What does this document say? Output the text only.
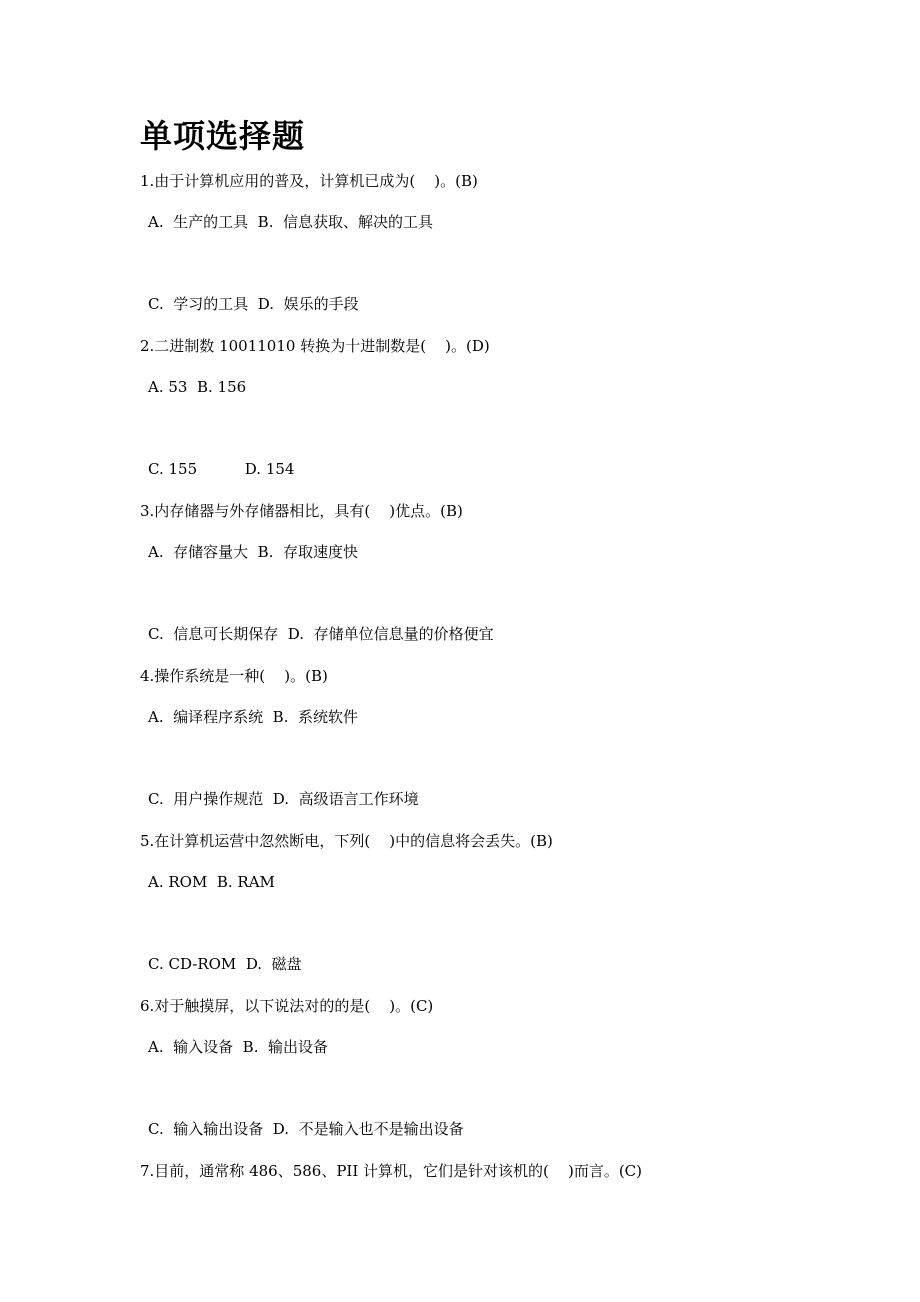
单项选择题

1.由于计算机应用的普及，计算机已成为(    )。(B)

A.  生产的工具  B.  信息获取、解决的工具

C.  学习的工具  D.  娱乐的手段

2.二进制数 10011010 转换为十进制数是(    )。(D)

A. 53  B. 156

C. 155          D. 154

3.内存储器与外存储器相比，具有(    )优点。(B)

A.  存储容量大  B.  存取速度快

C.  信息可长期保存  D.  存储单位信息量的价格便宜

4.操作系统是一种(    )。(B)

A.  编译程序系统  B.  系统软件

C.  用户操作规范  D.  高级语言工作环境

5.在计算机运营中忽然断电，下列(    )中的信息将会丢失。(B)

A. ROM  B. RAM

C. CD-ROM  D.  磁盘

6.对于触摸屏，以下说法对的的是(    )。(C)

A.  输入设备  B.  输出设备

C.  输入输出设备  D.  不是输入也不是输出设备

7.目前，通常称 486、586、PII 计算机，它们是针对该机的(    )而言。(C)
